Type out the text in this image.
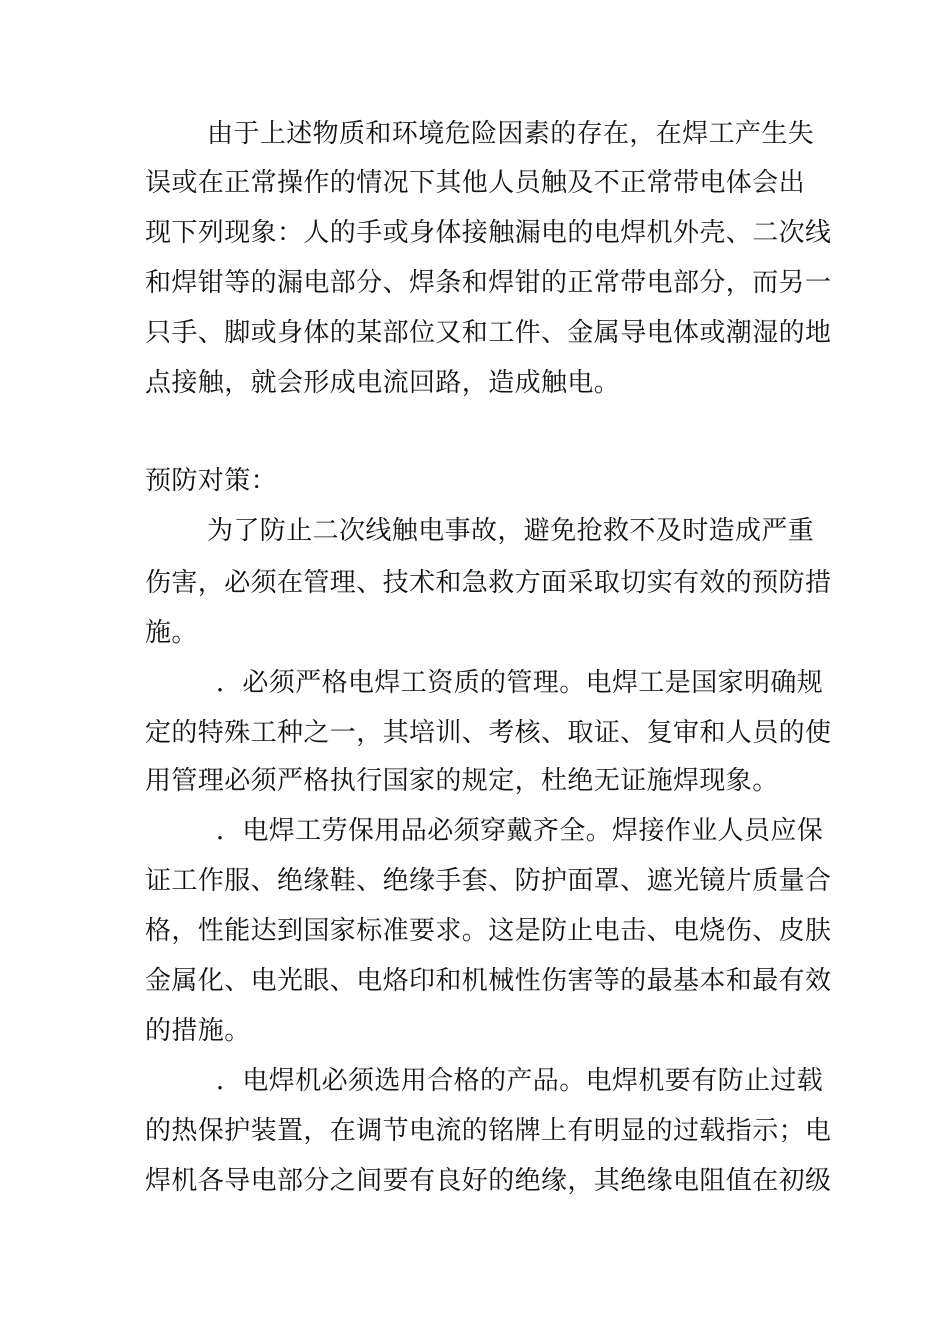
由于上述物质和环境危险因素的存在，在焊工产生失
误或在正常操作的情况下其他人员触及不正常带电体会出
现下列现象：人的手或身体接触漏电的电焊机外壳、二次线
和焊钳等的漏电部分、焊条和焊钳的正常带电部分，而另一
只手、脚或身体的某部位又和工件、金属导电体或潮湿的地
点接触，就会形成电流回路，造成触电。
预防对策：
为了防止二次线触电事故，避免抢救不及时造成严重
伤害，必须在管理、技术和急救方面采取切实有效的预防措
施。
．必须严格电焊工资质的管理。电焊工是国家明确规
定的特殊工种之一，其培训、考核、取证、复审和人员的使
用管理必须严格执行国家的规定，杜绝无证施焊现象。
．电焊工劳保用品必须穿戴齐全。焊接作业人员应保
证工作服、绝缘鞋、绝缘手套、防护面罩、遮光镜片质量合
格，性能达到国家标准要求。这是防止电击、电烧伤、皮肤
金属化、电光眼、电烙印和机械性伤害等的最基本和最有效
的措施。
．电焊机必须选用合格的产品。电焊机要有防止过载
的热保护装置，在调节电流的铭牌上有明显的过载指示；电
焊机各导电部分之间要有良好的绝缘，其绝缘电阻值在初级
